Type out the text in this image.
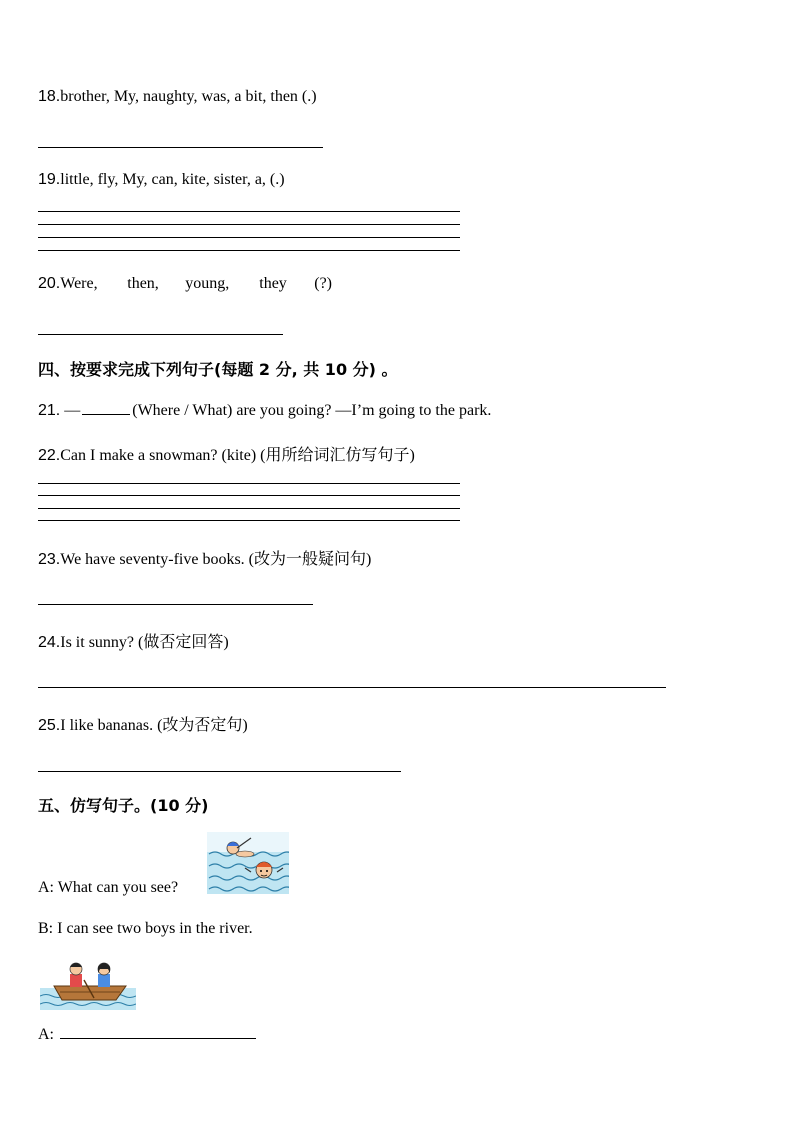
18.brother, My, naughty, was, a bit, then (.)
19.little, fly, My, can, kite, sister, a, (.)
20.Were, then, young, they (?)
四、按要求完成下列句子(每题 2 分, 共 10 分) 。
21. —	(Where / What) are you going? —I’m going to the park.
22.Can I make a snowman? (kite) (用所给词汇仿写句子)
23.We have seventy-five books. (改为一般疑问句)
24.Is it sunny? (做否定回答)
25.I like bananas. (改为否定句)
五、仿写句子。(10 分)
A: What can you see?
B: I can see two boys in the river.
A:
